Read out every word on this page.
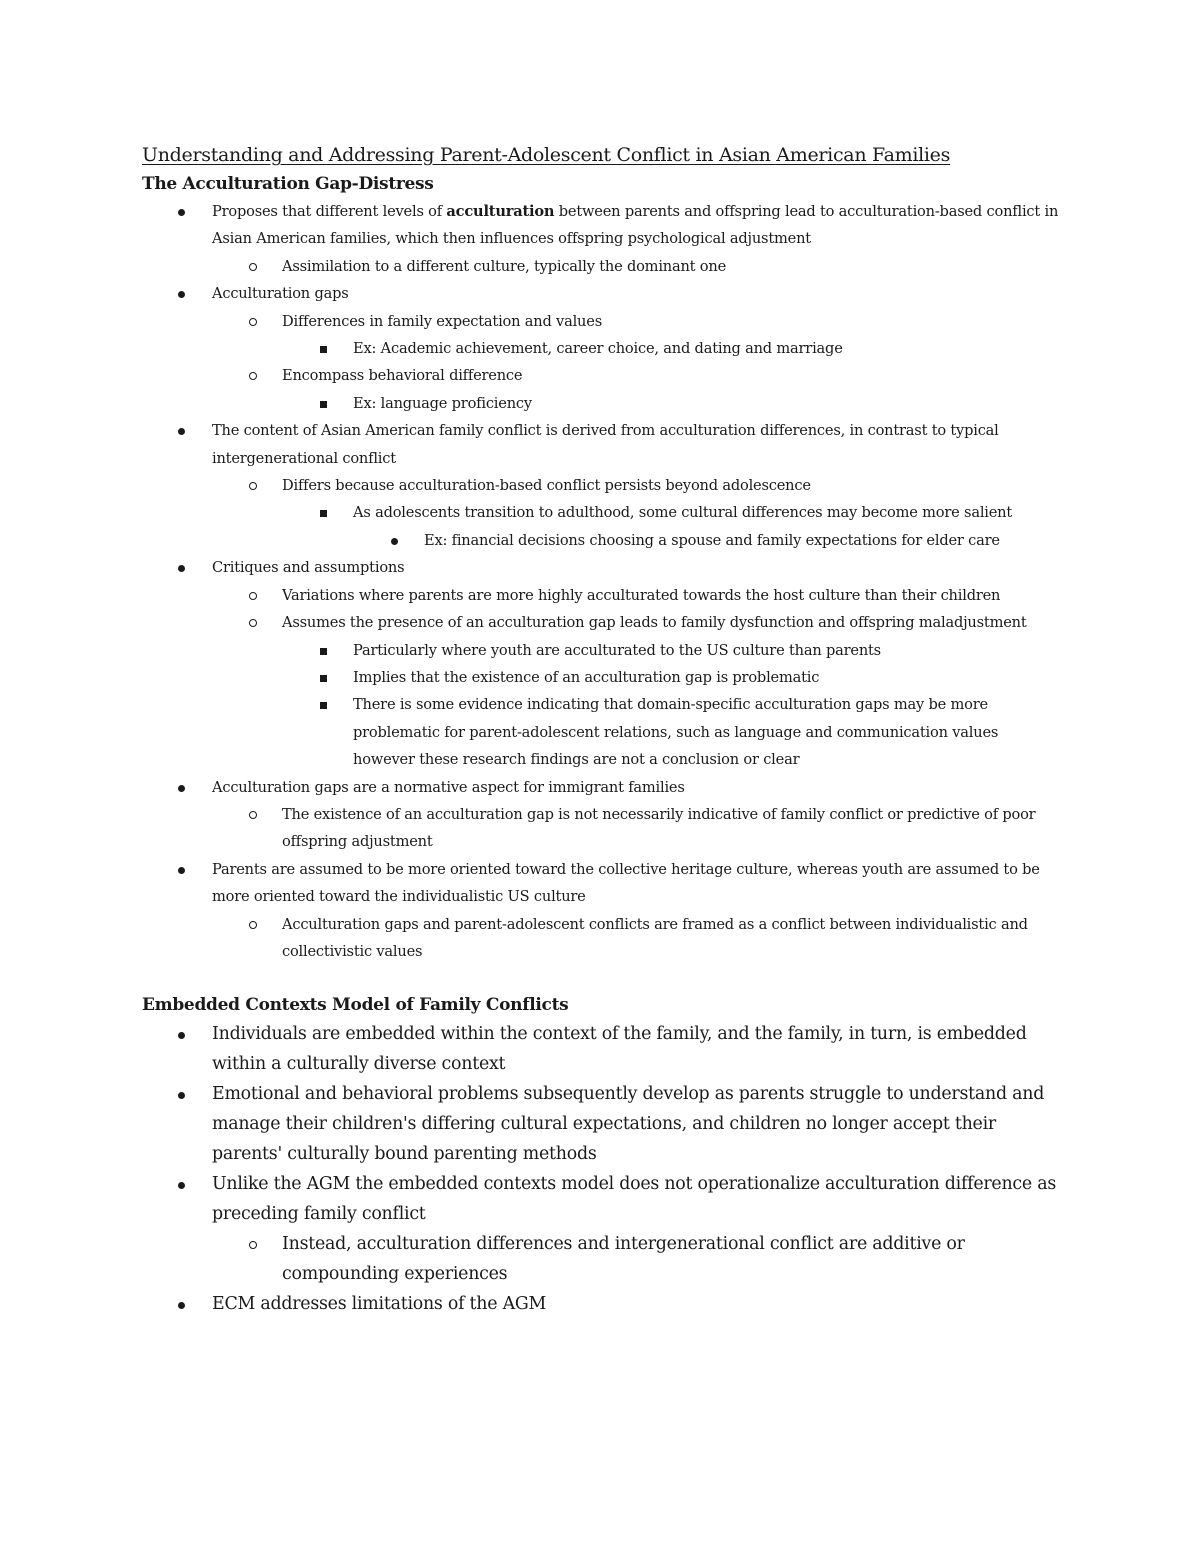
Understanding and Addressing Parent-Adolescent Conflict in Asian American Families
The Acculturation Gap-Distress
Proposes that different levels of acculturation between parents and offspring lead to acculturation-based conflict in Asian American families, which then influences offspring psychological adjustment
Assimilation to a different culture, typically the dominant one
Acculturation gaps
Differences in family expectation and values
Ex: Academic achievement, career choice, and dating and marriage
Encompass behavioral difference
Ex: language proficiency
The content of Asian American family conflict is derived from acculturation differences, in contrast to typical intergenerational conflict
Differs because acculturation-based conflict persists beyond adolescence
As adolescents transition to adulthood, some cultural differences may become more salient
Ex: financial decisions choosing a spouse and family expectations for elder care
Critiques and assumptions
Variations where parents are more highly acculturated towards the host culture than their children
Assumes the presence of an acculturation gap leads to family dysfunction and offspring maladjustment
Particularly where youth are acculturated to the US culture than parents
Implies that the existence of an acculturation gap is problematic
There is some evidence indicating that domain-specific acculturation gaps may be more problematic for parent-adolescent relations, such as language and communication values however these research findings are not a conclusion or clear
Acculturation gaps are a normative aspect for immigrant families
The existence of an acculturation gap is not necessarily indicative of family conflict or predictive of poor offspring adjustment
Parents are assumed to be more oriented toward the collective heritage culture, whereas youth are assumed to be more oriented toward the individualistic US culture
Acculturation gaps and parent-adolescent conflicts are framed as a conflict between individualistic and collectivistic values
Embedded Contexts Model of Family Conflicts
Individuals are embedded within the context of the family, and the family, in turn, is embedded within a culturally diverse context
Emotional and behavioral problems subsequently develop as parents struggle to understand and manage their children's differing cultural expectations, and children no longer accept their parents' culturally bound parenting methods
Unlike the AGM the embedded contexts model does not operationalize acculturation difference as preceding family conflict
Instead, acculturation differences and intergenerational conflict are additive or compounding experiences
ECM addresses limitations of the AGM
